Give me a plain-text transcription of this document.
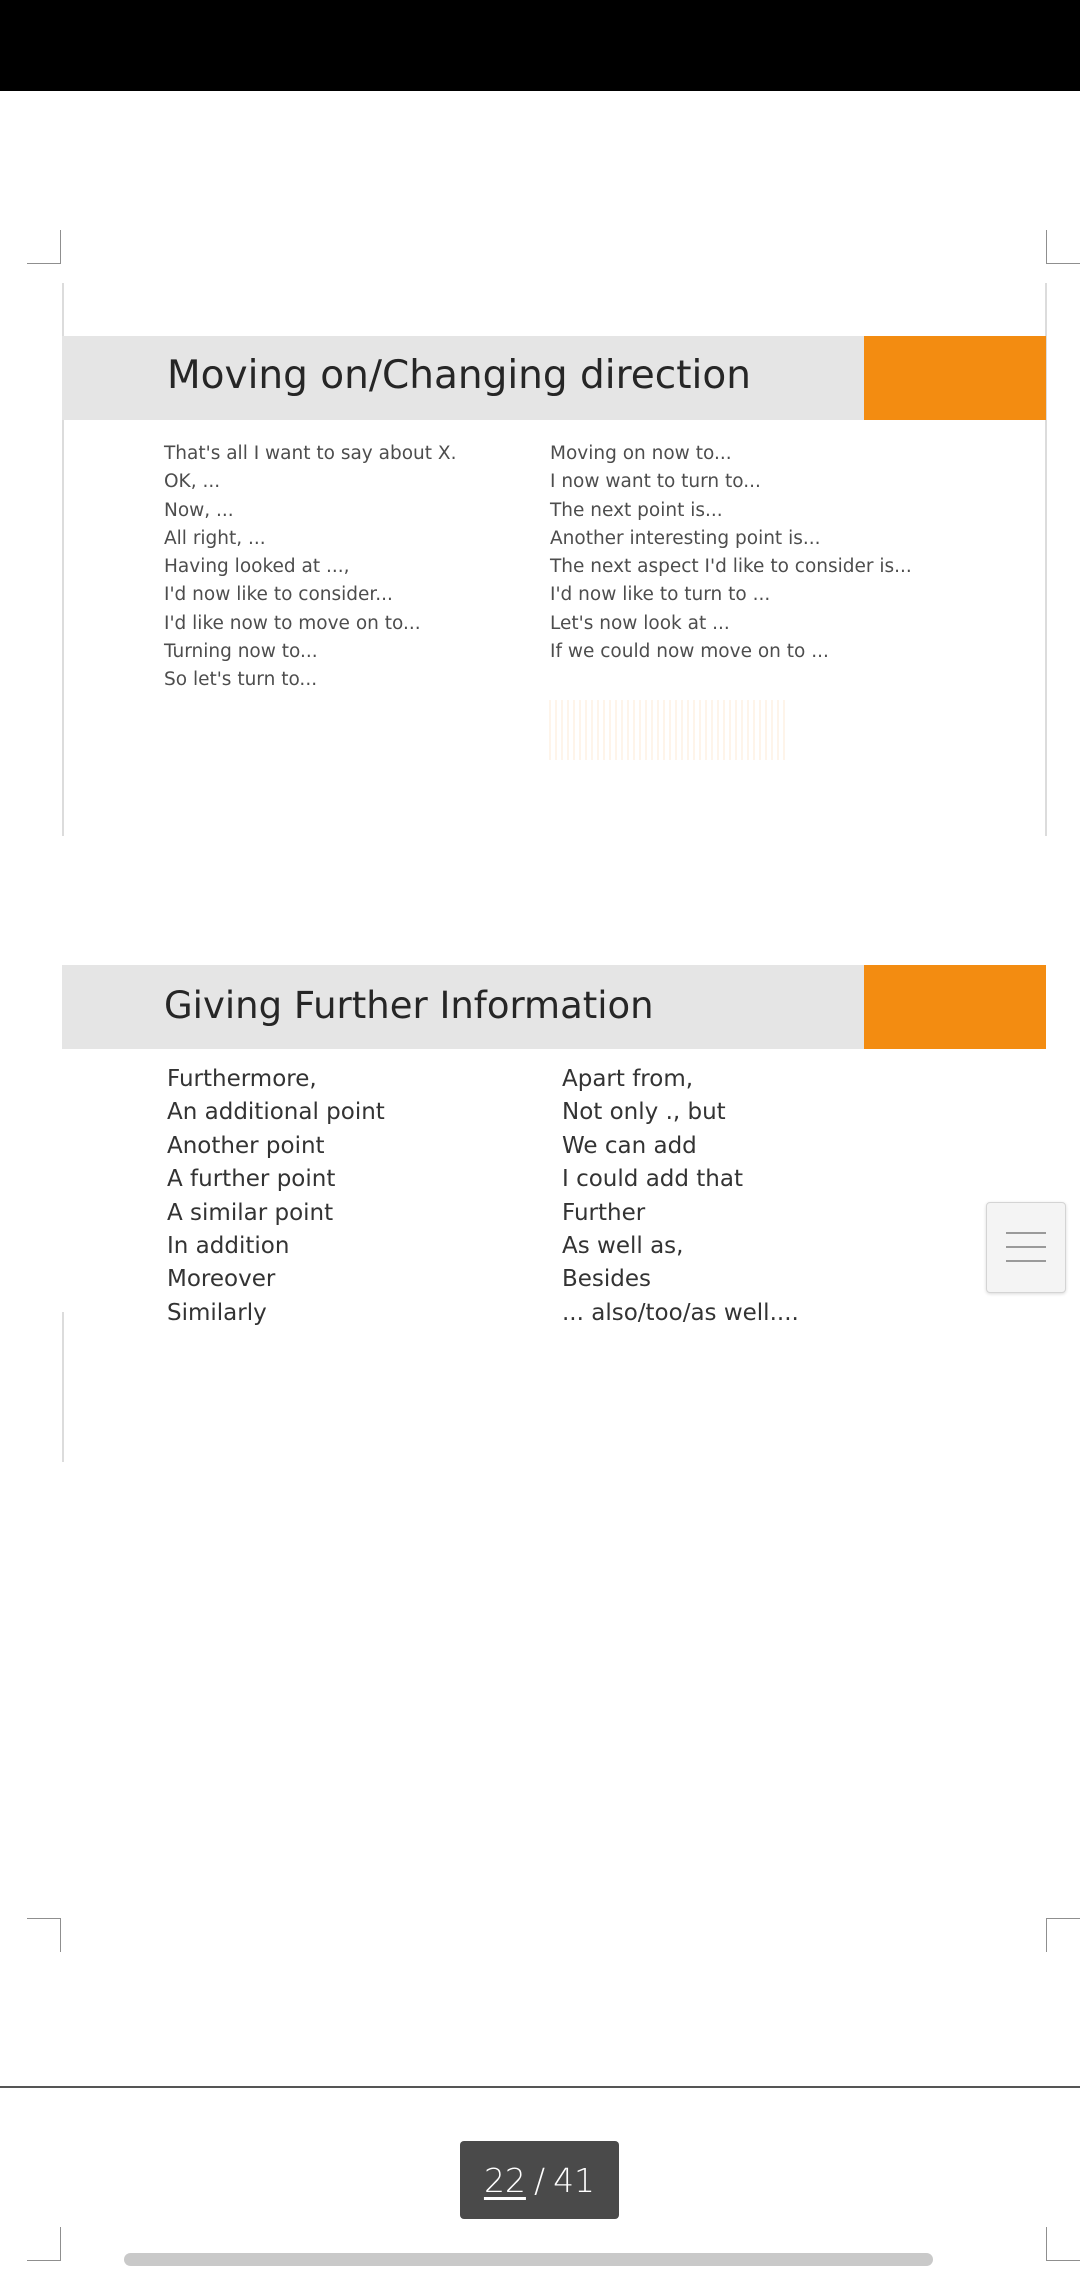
Moving on/Changing direction
That's all I want to say about X.
OK, ...
Now, ...
All right, ...
Having looked at ...,
I'd now like to consider...
I'd like now to move on to...
Turning now to...
So let's turn to...
Moving on now to...
I now want to turn to...
The next point is...
Another interesting point is...
The next aspect I'd like to consider is...
I'd now like to turn to ...
Let's now look at ...
If we could now move on to ...
Giving Further Information
Furthermore,
An additional point
Another point
A further point
A similar point
In addition
Moreover
Similarly
Apart from,
Not only ., but
We can add
I could add that
Further
As well as,
Besides
... also/too/as well....
22 / 41
